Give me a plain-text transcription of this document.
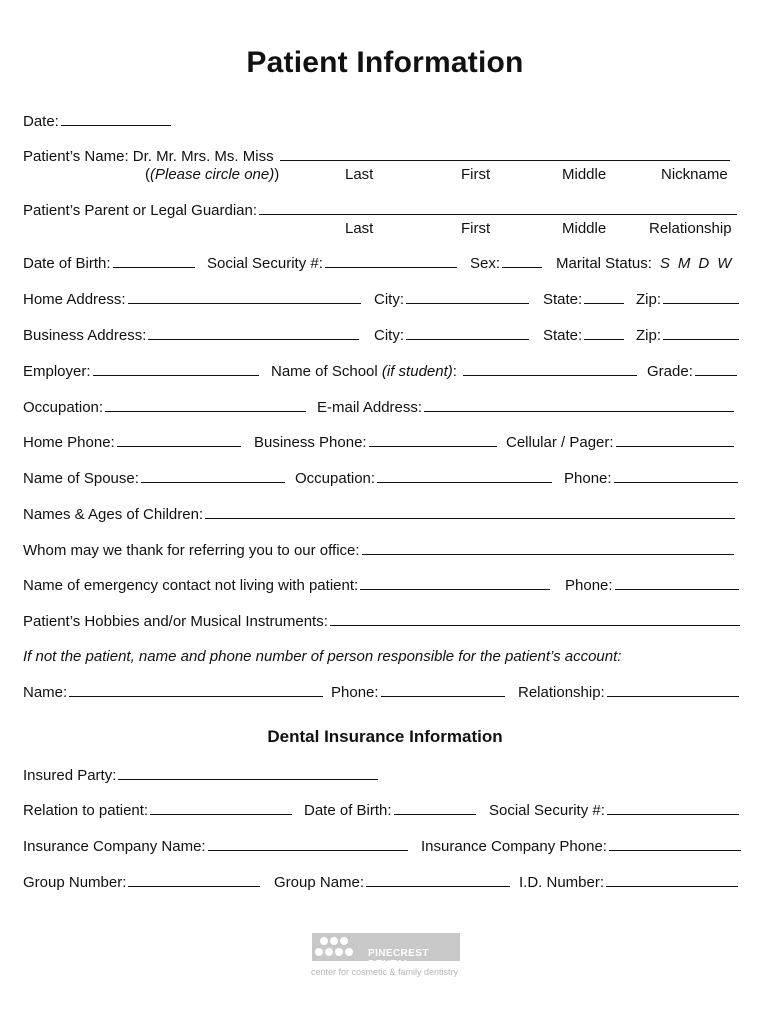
Patient Information
Date:
Patient’s Name: Dr. Mr. Mrs. Ms. Miss
((Please circle one))	Last	First	Middle	Nickname
Patient’s Parent or Legal Guardian:
Last	First	Middle	Relationship
Date of Birth:	Social Security #:	Sex:	Marital Status: S M D W
Home Address:	City:	State:	Zip:
Business Address:	City:	State:	Zip:
Employer:	Name of School (if student):	Grade:
Occupation:	E-mail Address:
Home Phone:	Business Phone:	Cellular / Pager:
Name of Spouse:	Occupation:	Phone:
Names & Ages of Children:
Whom may we thank for referring you to our office:
Name of emergency contact not living with patient:	Phone:
Patient’s Hobbies and/or Musical Instruments:
If not the patient, name and phone number of person responsible for the patient’s account:
Name:	Phone:	Relationship:
Dental Insurance Information
Insured Party:
Relation to patient:	Date of Birth:	Social Security #:
Insurance Company Name:	Insurance Company Phone:
Group Number:	Group Name:	I.D. Number:
PINECREST DENTAL
center for cosmetic & family dentistry
